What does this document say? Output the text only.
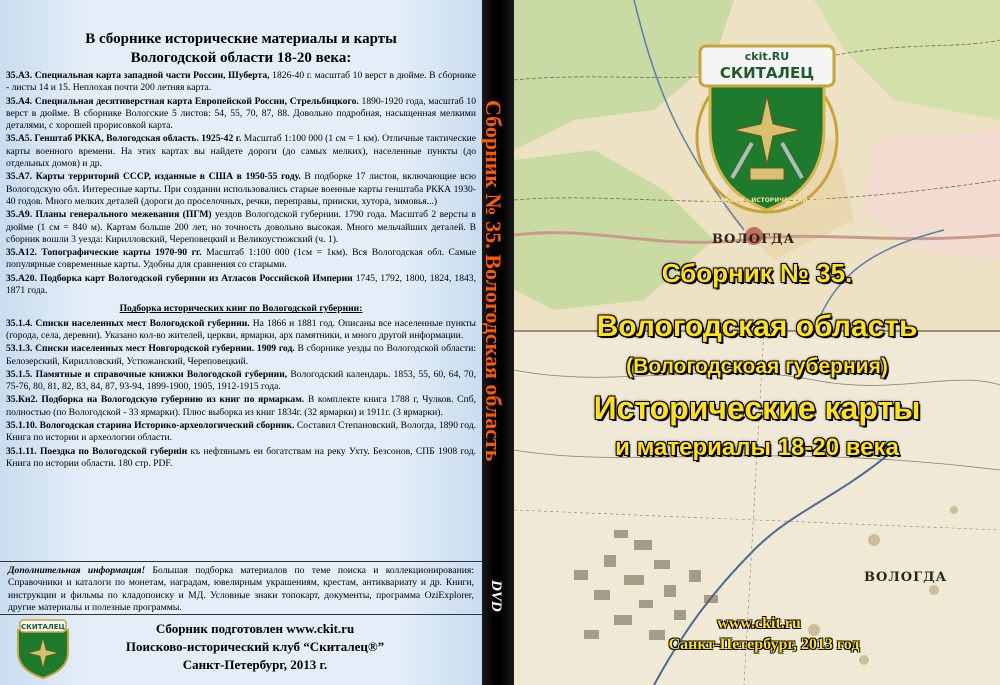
В сборнике исторические материалы и карты
Вологодской области 18-20 века:
35.А3. Специальная карта западной части России, Шуберта, 1826-40 г. масштаб 10 верст в дюйме. В сборнике - листы 14 и 15. Неплохая почти 200 летняя карта.
35.А4. Специальная десятиверстная карта Европейской России, Стрельбицкого. 1890-1920 года, масштаб 10 верст в дюйме. В сборнике Вологские 5 листов: 54, 55, 70, 87, 88. Довольно подробная, насыщенная мелкими деталями, с хорошей прорисовкой карта.
35.А5. Генштаб РККА, Вологодская область. 1925-42 г. Масштаб 1:100 000 (1 см = 1 км). Отличные тактические карты военного времени. На этих картах вы найдете дороги (до самых мелких), населенные пункты (до отдельных домов) и др.
35.А7. Карты территорий СССР, изданные в США в 1950-55 году. В подборке 17 листов, включающие всю Вологодскую обл. Интересные карты. При создании использовались старые военные карты генштаба РККА 1930-40 годов. Много мелких деталей (дороги до проселочных, речки, переправы, прииски, хутора, зимовья...)
35.А9. Планы генерального межевания (ПГМ) уездов Вологодской губернии. 1790 года. Масштаб 2 версты в дюйме (1 см = 840 м). Картам больше 200 лет, но точность довольно высокая. Много мельчайших деталей. В сборник вошли 3 уезда: Кирилловский, Череповецкий и Великоустюжский (ч. 1).
35.А12. Топографические карты 1970-90 гг. Масштаб 1:100 000 (1см = 1км). Вся Вологодская обл. Самые популярные современные карты. Удобны для сравнения со старыми.
35.А20. Подборка карт Вологодской губернии из Атласов Российской Империи 1745, 1792, 1800, 1824, 1843, 1871 года.
Подборка исторических книг по Вологодской губернии:
35.1.4. Списки населенных мест Вологодской губернии. На 1866 и 1881 год. Описаны все населенные пункты (города, села, деревни). Указано кол-во жителей, церкви, ярмарки, арх памятники, и много другой информации.
53.1.3. Списки населенных мест Новгородской губернии. 1909 год. В сборнике уезды по Вологодской области: Белозерский, Кирилловский, Устюжанский, Череповецкий.
35.1.5. Памятные и справочные книжки Вологодской губернии, Вологодский календарь. 1853, 55, 60, 64, 70, 75-76, 80, 81, 82, 83, 84, 87, 93-94, 1899-1900, 1905, 1912-1915 года.
35.Кн2. Подборка на Вологодскую губернию из книг по ярмаркам. В комплекте книга 1788 г, Чулков. Спб, полностью (по Вологодской - 33 ярмарки). Плюс выборка из книг 1834г. (32 ярмарки) и 1911г. (3 ярмарки).
35.1.10. Вологодская старина Историко-археологический сборник. Составил Степановский, Вологда, 1890 год. Книга по истории и археологии области.
35.1.11. Поездка по Вологодской губернін къ нефтянымъ еи богатствам на реку Ухту. Безсонов, СПБ 1908 год. Книга по истории области. 180 стр. PDF.
Дополнительная информация! Большая подборка материалов по теме поиска и коллекционирования: Справочники и каталоги по монетам, наградам, ювелирным украшениям, крестам, антиквариату и др. Книги, инструкции и фильмы по кладопоиску и МД. Условные знаки топокарт, документы, программа OziExplorer, другие материалы и полезные программы.
СКИТАЛЕЦ	Сборник подготовлен www.ckit.ru
Поисково-исторический клуб “Скиталец®”
Санкт-Петербург, 2013 г.
Сборник № 35. Вологодская область
DVD
ВОЛОГДА
ВОЛОГДА
ckit.RU
СКИТАЛЕЦ
ПОИСКОВО - ИСТОРИЧЕСКИЙ КЛУБ
Сборник № 35.
Вологодская область
(Вологодскоая губерния)
Исторические карты
и материалы 18-20 века
www.ckit.ru
Санкт-Петербург, 2013 год
